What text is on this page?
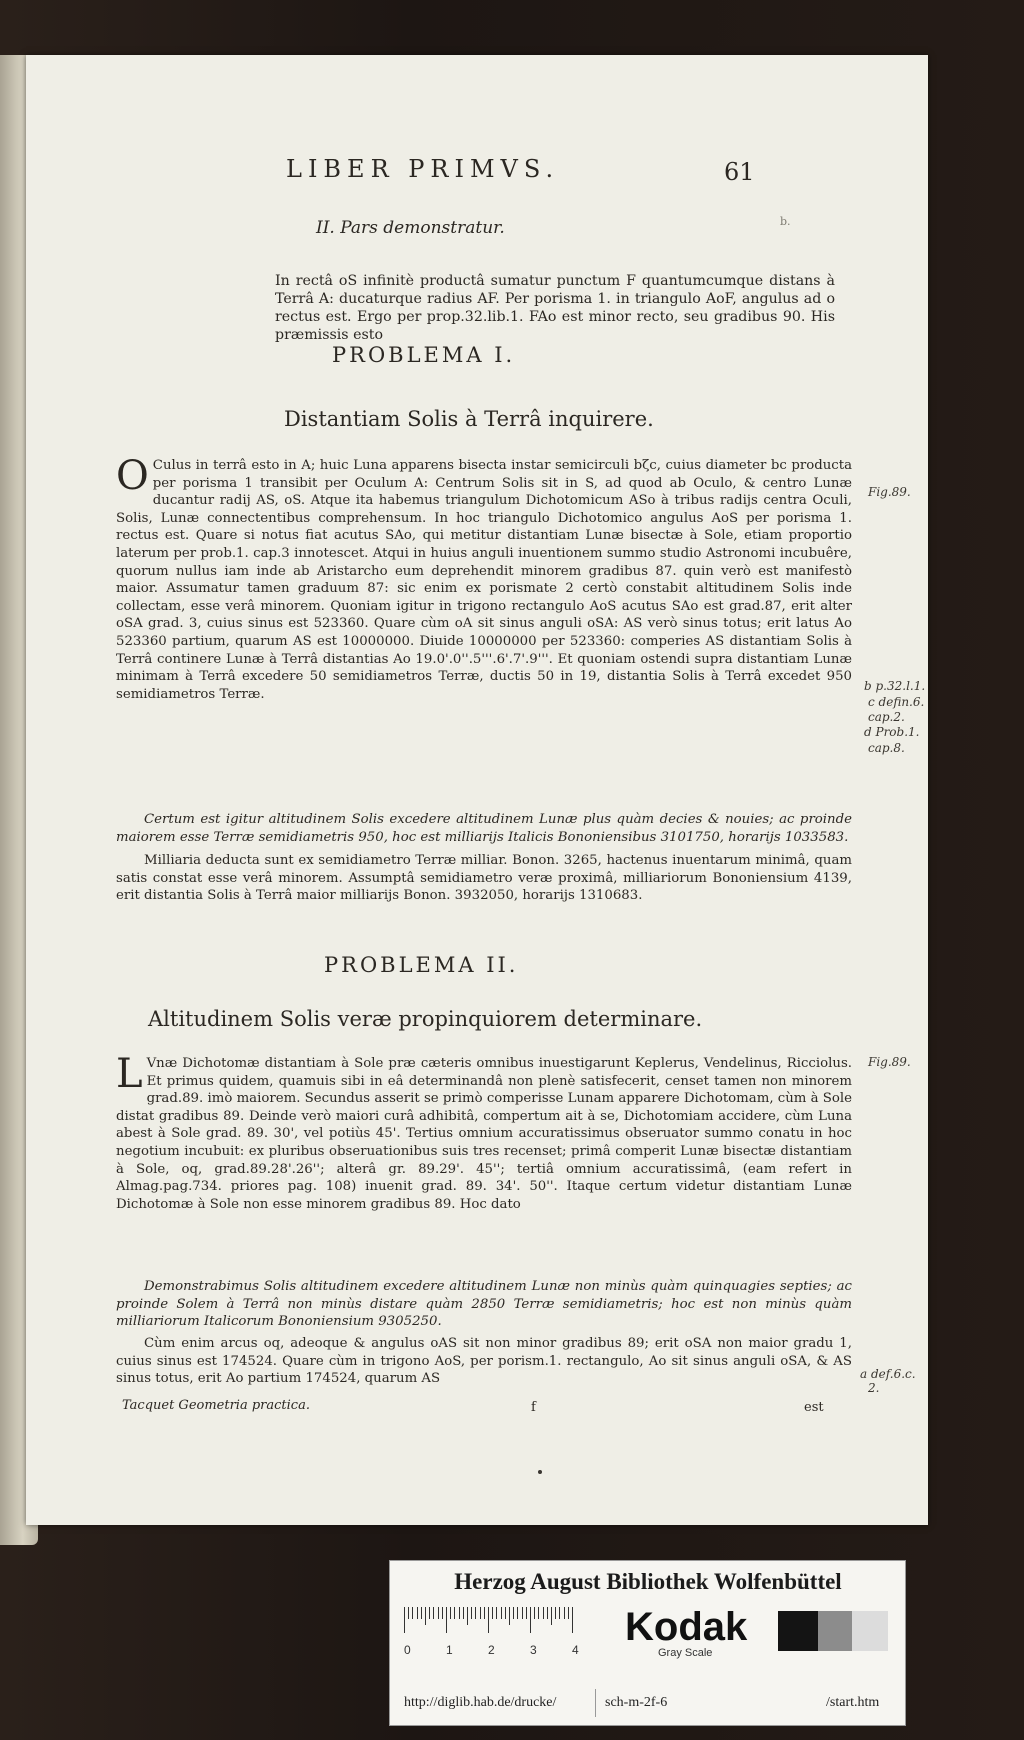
LIBER PRIMVS.	61
b.
II. Pars demonstratur.
In rectâ oS infinitè productâ sumatur punctum F quantumcumque distans à Terrâ A: ducaturque radius AF. Per porisma 1. in triangulo AoF, angulus ad o rectus est. Ergo per prop.32.lib.1. FAo est minor recto, seu gradibus 90. His præmissis esto
PROBLEMA I.
Distantiam Solis à Terrâ inquirere.
O Culus in terrâ esto in A; huic Luna apparens bisecta instar semicirculi bζc, cuius diameter bc producta per porisma 1 transibit per Oculum A: Centrum Solis sit in S, ad quod ab Oculo, & centro Lunæ ducantur radij AS, oS. Atque ita habemus triangulum Dichotomicum ASo à tribus radijs centra Oculi, Solis, Lunæ connectentibus comprehensum. In hoc triangulo Dichotomico angulus AoS per porisma 1. rectus est. Quare si notus fiat acutus SAo, qui metitur distantiam Lunæ bisectæ à Sole, etiam proportio laterum per prob.1. cap.3 innotescet. Atqui in huius anguli inuentionem summo studio Astronomi incubuêre, quorum nullus iam inde ab Aristarcho eum deprehendit minorem gradibus 87. quin verò est manifestò maior. Assumatur tamen graduum 87: sic enim ex porismate 2 certò constabit altitudinem Solis inde collectam, esse verâ minorem. Quoniam igitur in trigono rectangulo AoS acutus SAo est grad.87, erit alter oSA grad. 3, cuius sinus est 523360. Quare cùm oA sit sinus anguli oSA: AS verò sinus totus; erit latus Ao 523360 partium, quarum AS est 10000000. Diuide 10000000 per 523360: comperies AS distantiam Solis à Terrâ continere Lunæ à Terrâ distantias Ao 19.0'.0''.5'''.6'.7'.9'''. Et quoniam ostendi supra distantiam Lunæ minimam à Terrâ excedere 50 semidiametros Terræ, ductis 50 in 19, distantia Solis à Terrâ excedet 950 semidiametros Terræ.
Certum est igitur altitudinem Solis excedere altitudinem Lunæ plus quàm decies & nouies; ac proinde maiorem esse Terræ semidiametris 950, hoc est milliarijs Italicis Bononiensibus 3101750, horarijs 1033583.
Milliaria deducta sunt ex semidiametro Terræ milliar. Bonon. 3265, hactenus inuentarum minimâ, quam satis constat esse verâ minorem. Assumptâ semidiametro veræ proximâ, milliariorum Bononiensium 4139, erit distantia Solis à Terrâ maior milliarijs Bonon. 3932050, horarijs 1310683.
PROBLEMA II.
Altitudinem Solis veræ propinquiorem determinare.
L Vnæ Dichotomæ distantiam à Sole præ cæteris omnibus inuestigarunt Keplerus, Vendelinus, Ricciolus. Et primus quidem, quamuis sibi in eâ determinandâ non plenè satisfecerit, censet tamen non minorem grad.89. imò maiorem. Secundus asserit se primò comperisse Lunam apparere Dichotomam, cùm à Sole distat gradibus 89. Deinde verò maiori curâ adhibitâ, compertum ait à se, Dichotomiam accidere, cùm Luna abest à Sole grad. 89. 30', vel potiùs 45'. Tertius omnium accuratissimus obseruator summo conatu in hoc negotium incubuit: ex pluribus obseruationibus suis tres recenset; primâ comperit Lunæ bisectæ distantiam à Sole, oq, grad.89.28'.26''; alterâ gr. 89.29'. 45''; tertiâ omnium accuratissimâ, (eam refert in Almag.pag.734. priores pag. 108) inuenit grad. 89. 34'. 50''. Itaque certum videtur distantiam Lunæ Dichotomæ à Sole non esse minorem gradibus 89. Hoc dato
Demonstrabimus Solis altitudinem excedere altitudinem Lunæ non minùs quàm quinquagies septies; ac proinde Solem à Terrâ non minùs distare quàm 2850 Terræ semidiametris; hoc est non minùs quàm milliariorum Italicorum Bononiensium 9305250.
Cùm enim arcus oq, adeoque & angulus oAS sit non minor gradibus 89; erit oSA non maior gradu 1, cuius sinus est 174524. Quare cùm in trigono AoS, per porism.1. rectangulo, Ao sit sinus anguli oSA, & AS sinus totus, erit Ao partium 174524, quarum AS
Fig.89.
b p.32.l.1.
c defin.6.
cap.2.
d Prob.1.
cap.8.
Fig.89.
a def.6.c.
2.
Tacquet Geometria practica.	f	est
Herzog August Bibliothek Wolfenbüttel
0	1	2	3	4
Kodak
Gray Scale
http://diglib.hab.de/drucke/	sch-m-2f-6	/start.htm
